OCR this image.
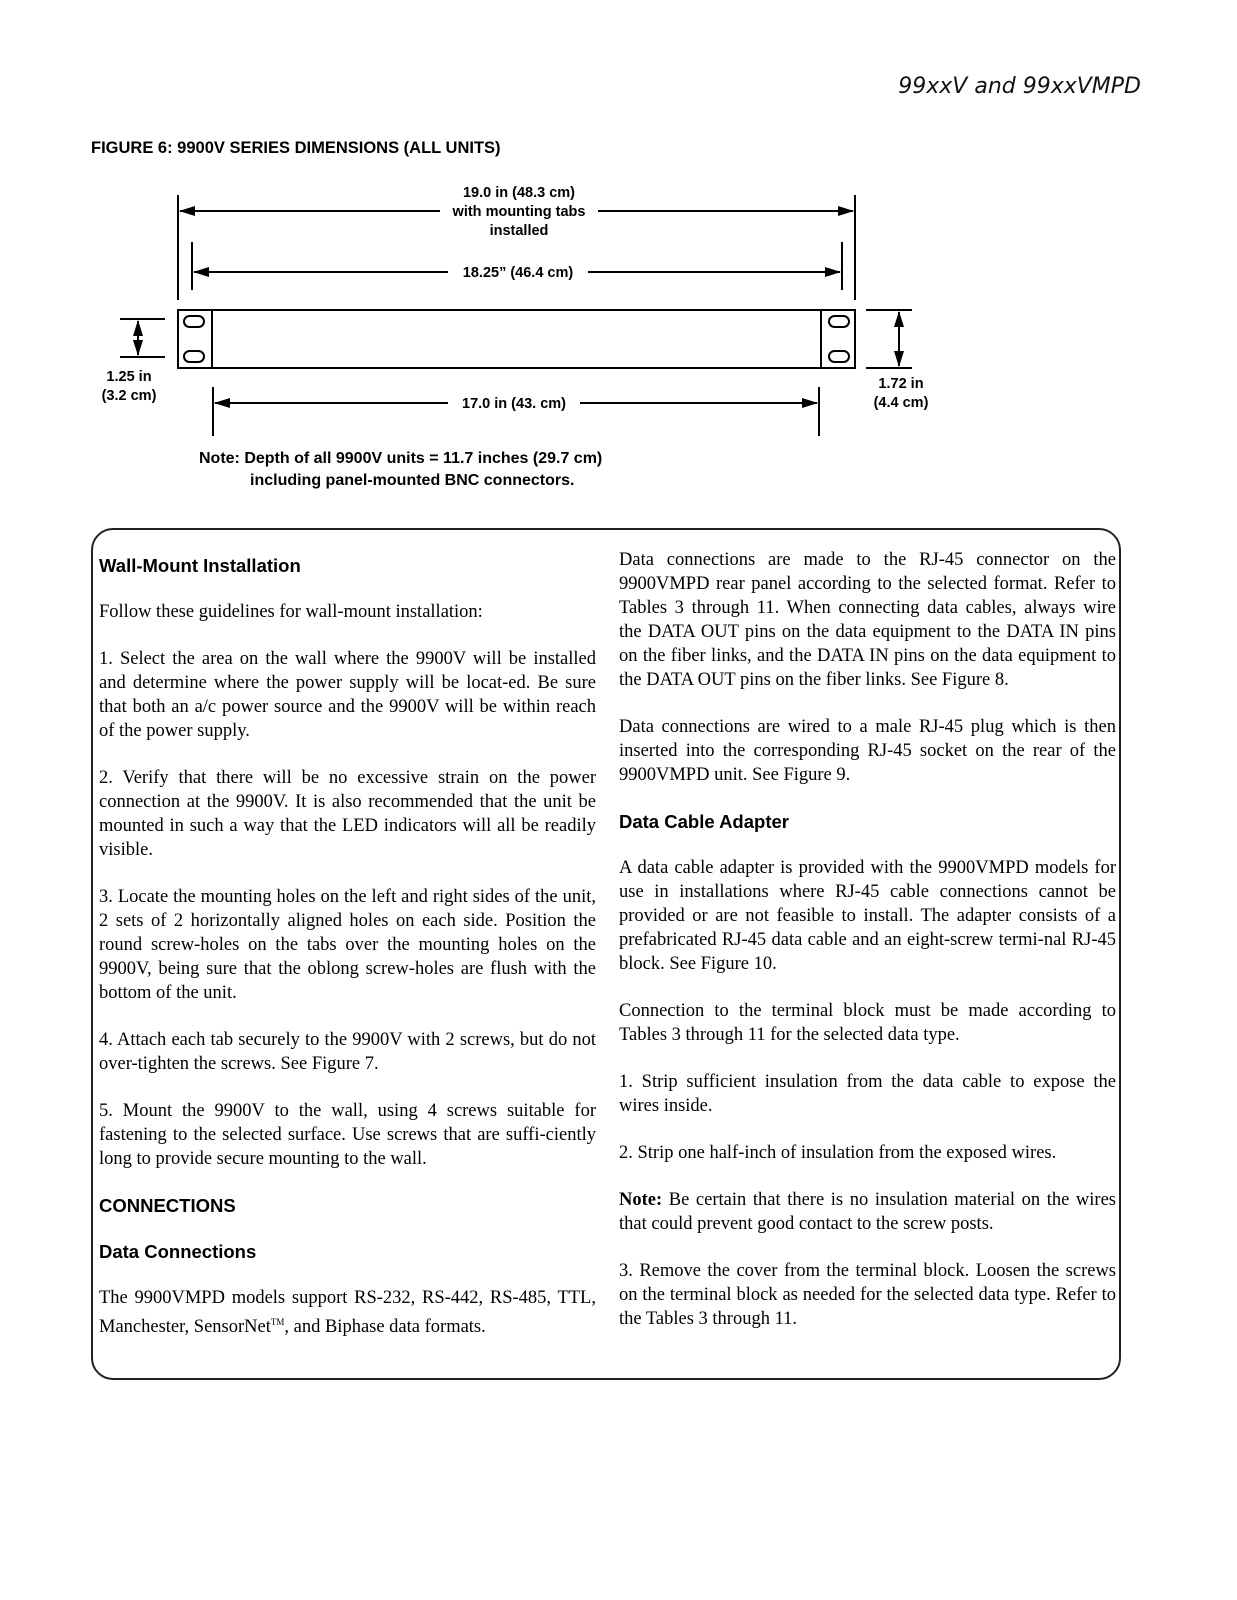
99xxV and 99xxVMPD
FIGURE 6: 9900V SERIES DIMENSIONS (ALL UNITS)
19.0 in (48.3 cm)
with mounting tabs
installed
18.25” (46.4 cm)
17.0 in (43. cm)
1.25 in
(3.2 cm)
1.72 in
(4.4 cm)
Note: Depth of all 9900V units = 11.7 inches (29.7 cm)
including panel-mounted BNC connectors.
Wall-Mount Installation

Follow these guidelines for wall-mount installation:

1. Select the area on the wall where the 9900V will be installed and determine where the power supply will be locat-ed. Be sure that both an a/c power source and the 9900V will be within reach of the power supply.

2. Verify that there will be no excessive strain on the power connection at the 9900V. It is also recommended that the unit be mounted in such a way that the LED indicators will all be readily visible.

3. Locate the mounting holes on the left and right sides of the unit, 2 sets of 2 horizontally aligned holes on each side. Position the round screw-holes on the tabs over the mounting holes on the 9900V, being sure that the oblong screw-holes are flush with the bottom of the unit.

4. Attach each tab securely to the 9900V with 2 screws, but do not over-tighten the screws. See Figure 7.

5. Mount the 9900V to the wall, using 4 screws suitable for fastening to the selected surface. Use screws that are suffi-ciently long to provide secure mounting to the wall.

CONNECTIONS
Data Connections

The 9900VMPD models support RS-232, RS-442, RS-485, TTL, Manchester, SensorNet™, and Biphase data formats.

Data connections are made to the RJ-45 connector on the 9900VMPD rear panel according to the selected format. Refer to Tables 3 through 11. When connecting data cables, always wire the DATA OUT pins on the data equipment to the DATA IN pins on the fiber links, and the DATA IN pins on the data equipment to the DATA OUT pins on the fiber links. See Figure 8.

Data connections are wired to a male RJ-45 plug which is then inserted into the corresponding RJ-45 socket on the rear of the 9900VMPD unit. See Figure 9.

Data Cable Adapter

A data cable adapter is provided with the 9900VMPD models for use in installations where RJ-45 cable connections cannot be provided or are not feasible to install. The adapter consists of a prefabricated RJ-45 data cable and an eight-screw termi-nal RJ-45 block. See Figure 10.

Connection to the terminal block must be made according to Tables 3 through 11 for the selected data type.

1. Strip sufficient insulation from the data cable to expose the wires inside.

2. Strip one half-inch of insulation from the exposed wires.

Note: Be certain that there is no insulation material on the wires that could prevent good contact to the screw posts.

3. Remove the cover from the terminal block. Loosen the screws on the terminal block as needed for the selected data type. Refer to the Tables 3 through 11.
